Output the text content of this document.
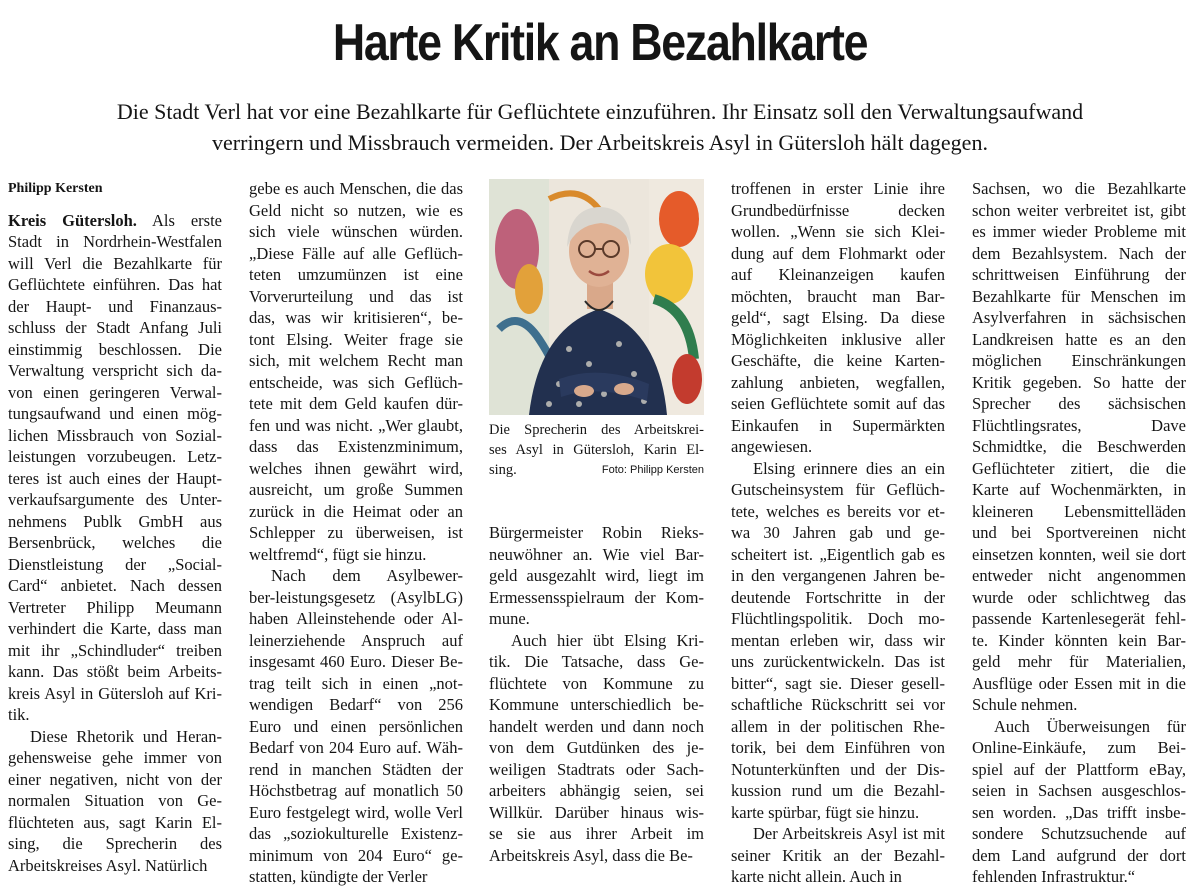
Harte Kritik an Bezahlkarte
Die Stadt Verl hat vor eine Bezahlkarte für Geflüchtete einzuführen. Ihr Einsatz soll den Verwaltungsaufwand
verringern und Missbrauch vermeiden. Der Arbeitskreis Asyl in Gütersloh hält dagegen.
Philipp Kersten
Kreis Gütersloh. Als erste
Stadt in Nordrhein-Westfalen
will Verl die Bezahlkarte für
Geflüchtete einführen. Das hat
der Haupt- und Finanzaus-
schluss der Stadt Anfang Juli
einstimmig beschlossen. Die
Verwaltung verspricht sich da-
von einen geringeren Verwal-
tungsaufwand und einen mög-
lichen Missbrauch von Sozial-
leistungen vorzubeugen. Letz-
teres ist auch eines der Haupt-
verkaufsargumente des Unter-
nehmens Publk GmbH aus
Bersenbrück, welches die
Dienstleistung der „Social-
Card“ anbietet. Nach dessen
Vertreter Philipp Meumann
verhindert die Karte, dass man
mit ihr „Schindluder“ treiben
kann. Das stößt beim Arbeits-
kreis Asyl in Gütersloh auf Kri-
tik.
Diese Rhetorik und Heran-
gehensweise gehe immer von
einer negativen, nicht von der
normalen Situation von Ge-
flüchteten aus, sagt Karin El-
sing, die Sprecherin des
Arbeitskreises Asyl. Natürlich
gebe es auch Menschen, die das
Geld nicht so nutzen, wie es
sich viele wünschen würden.
„Diese Fälle auf alle Geflüch-
teten umzumünzen ist eine
Vorverurteilung und das ist
das, was wir kritisieren“, be-
tont Elsing. Weiter frage sie
sich, mit welchem Recht man
entscheide, was sich Geflüch-
tete mit dem Geld kaufen dür-
fen und was nicht. „Wer glaubt,
dass das Existenzminimum,
welches ihnen gewährt wird,
ausreicht, um große Summen
zurück in die Heimat oder an
Schlepper zu überweisen, ist
weltfremd“, fügt sie hinzu.
Nach dem Asylbewer-
ber-leistungsgesetz (AsylbLG)
haben Alleinstehende oder Al-
leinerziehende Anspruch auf
insgesamt 460 Euro. Dieser Be-
trag teilt sich in einen „not-
wendigen Bedarf“ von 256
Euro und einen persönlichen
Bedarf von 204 Euro auf. Wäh-
rend in manchen Städten der
Höchstbetrag auf monatlich 50
Euro festgelegt wird, wolle Verl
das „soziokulturelle Existenz-
minimum von 204 Euro“ ge-
statten, kündigte der Verler
Die Sprecherin des Arbeitskrei-
ses Asyl in Gütersloh, Karin El-
sing.	Foto: Philipp Kersten
Bürgermeister Robin Rieks-
neuwöhner an. Wie viel Bar-
geld ausgezahlt wird, liegt im
Ermessensspielraum der Kom-
mune.
Auch hier übt Elsing Kri-
tik. Die Tatsache, dass Ge-
flüchtete von Kommune zu
Kommune unterschiedlich be-
handelt werden und dann noch
von dem Gutdünken des je-
weiligen Stadtrats oder Sach-
arbeiters abhängig seien, sei
Willkür. Darüber hinaus wis-
se sie aus ihrer Arbeit im
Arbeitskreis Asyl, dass die Be-
troffenen in erster Linie ihre
Grundbedürfnisse decken
wollen. „Wenn sie sich Klei-
dung auf dem Flohmarkt oder
auf Kleinanzeigen kaufen
möchten, braucht man Bar-
geld“, sagt Elsing. Da diese
Möglichkeiten inklusive aller
Geschäfte, die keine Karten-
zahlung anbieten, wegfallen,
seien Geflüchtete somit auf das
Einkaufen in Supermärkten
angewiesen.
Elsing erinnere dies an ein
Gutscheinsystem für Geflüch-
tete, welches es bereits vor et-
wa 30 Jahren gab und ge-
scheitert ist. „Eigentlich gab es
in den vergangenen Jahren be-
deutende Fortschritte in der
Flüchtlingspolitik. Doch mo-
mentan erleben wir, dass wir
uns zurückentwickeln. Das ist
bitter“, sagt sie. Dieser gesell-
schaftliche Rückschritt sei vor
allem in der politischen Rhe-
torik, bei dem Einführen von
Notunterkünften und der Dis-
kussion rund um die Bezahl-
karte spürbar, fügt sie hinzu.
Der Arbeitskreis Asyl ist mit
seiner Kritik an der Bezahl-
karte nicht allein. Auch in
Sachsen, wo die Bezahlkarte
schon weiter verbreitet ist, gibt
es immer wieder Probleme mit
dem Bezahlsystem. Nach der
schrittweisen Einführung der
Bezahlkarte für Menschen im
Asylverfahren in sächsischen
Landkreisen hatte es an den
möglichen Einschränkungen
Kritik gegeben. So hatte der
Sprecher des sächsischen
Flüchtlingsrates, Dave
Schmidtke, die Beschwerden
Geflüchteter zitiert, die die
Karte auf Wochenmärkten, in
kleineren Lebensmittelläden
und bei Sportvereinen nicht
einsetzen konnten, weil sie dort
entweder nicht angenommen
wurde oder schlichtweg das
passende Kartenlesegerät fehl-
te. Kinder könnten kein Bar-
geld mehr für Materialien,
Ausflüge oder Essen mit in die
Schule nehmen.
Auch Überweisungen für
Online-Einkäufe, zum Bei-
spiel auf der Plattform eBay,
seien in Sachsen ausgeschlos-
sen worden. „Das trifft insbe-
sondere Schutzsuchende auf
dem Land aufgrund der dort
fehlenden Infrastruktur.“
